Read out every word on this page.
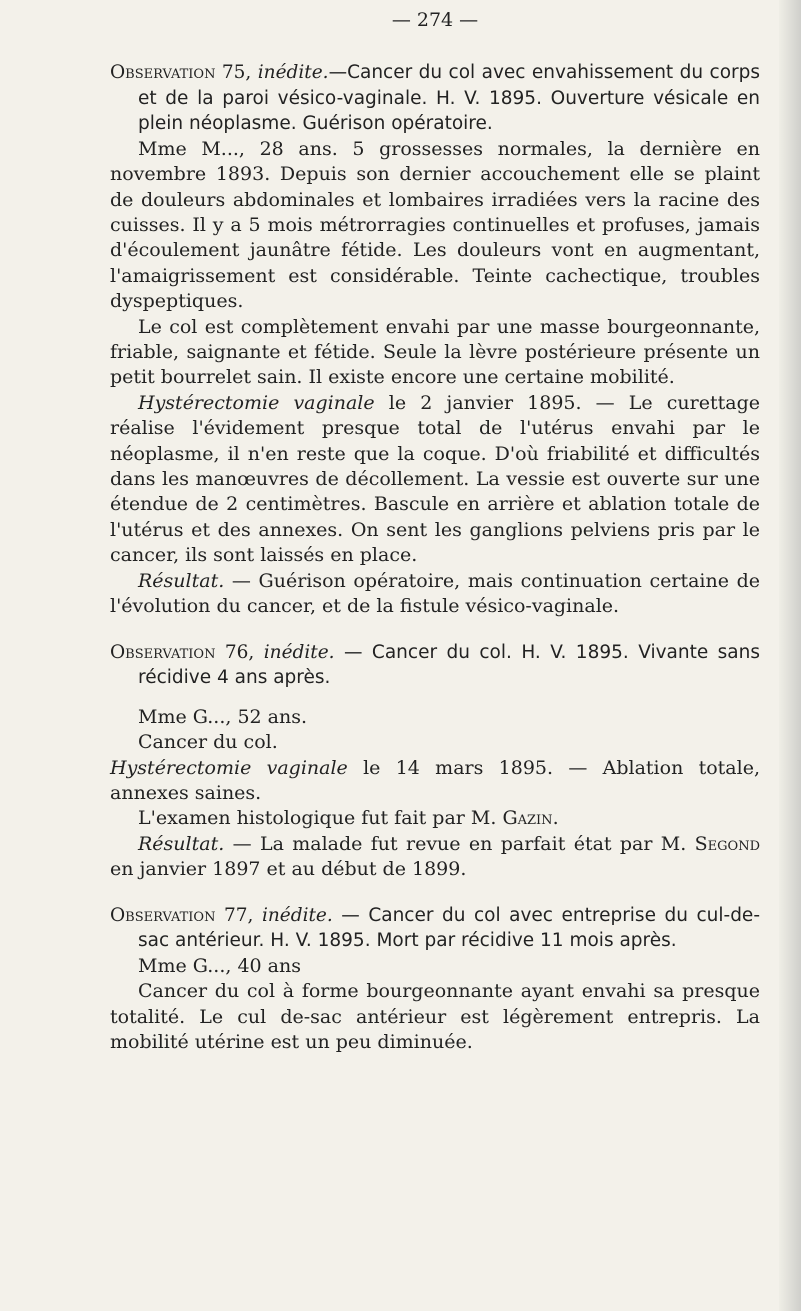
— 274 —

Observation 75, inédite.—Cancer du col avec envahissement du corps et de la paroi vésico-vaginale. H. V. 1895. Ouverture vésicale en plein néoplasme. Guérison opératoire.

Mme M..., 28 ans. 5 grossesses normales, la dernière en novembre 1893. Depuis son dernier accouchement elle se plaint de douleurs abdominales et lombaires irradiées vers la racine des cuisses. Il y a 5 mois métrorragies continuelles et profuses, jamais d'écoulement jaunâtre fétide. Les douleurs vont en augmentant, l'amaigrissement est considérable. Teinte cachectique, troubles dyspeptiques.

Le col est complètement envahi par une masse bourgeonnante, friable, saignante et fétide. Seule la lèvre postérieure présente un petit bourrelet sain. Il existe encore une certaine mobilité.

Hystérectomie vaginale le 2 janvier 1895. — Le curettage réalise l'évidement presque total de l'utérus envahi par le néoplasme, il n'en reste que la coque. D'où friabilité et difficultés dans les manœuvres de décollement. La vessie est ouverte sur une étendue de 2 centimètres. Bascule en arrière et ablation totale de l'utérus et des annexes. On sent les ganglions pelviens pris par le cancer, ils sont laissés en place.

Résultat. — Guérison opératoire, mais continuation certaine de l'évolution du cancer, et de la fistule vésico-vaginale.

Observation 76, inédite. — Cancer du col. H. V. 1895. Vivante sans récidive 4 ans après.

Mme G..., 52 ans.

Cancer du col.

Hystérectomie vaginale le 14 mars 1895. — Ablation totale, annexes saines.

L'examen histologique fut fait par M. Gazin.

Résultat. — La malade fut revue en parfait état par M. Segond en janvier 1897 et au début de 1899.

Observation 77, inédite. — Cancer du col avec entreprise du cul-de-sac antérieur. H. V. 1895. Mort par récidive 11 mois après.

Mme G..., 40 ans

Cancer du col à forme bourgeonnante ayant envahi sa presque totalité. Le cul de-sac antérieur est légèrement entrepris. La mobilité utérine est un peu diminuée.
